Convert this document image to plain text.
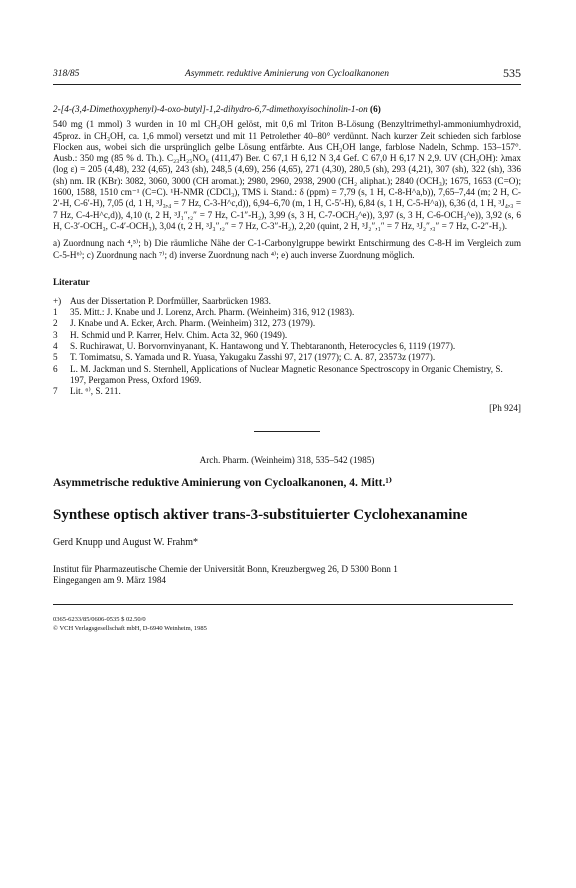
318/85	Asymmetr. reduktive Aminierung von Cycloalkanonen	535

2-[4-(3,4-Dimethoxyphenyl)-4-oxo-butyl]-1,2-dihydro-6,7-dimethoxyisochinolin-1-on (6)

540 mg (1 mmol) 3 wurden in 10 ml CH₃OH gelöst, mit 0,6 ml Triton B-Lösung (Benzyltrimethyl-ammoniumhydroxid, 45proz. in CH₃OH, ca. 1,6 mmol) versetzt und mit 11 Petrolether 40–80° verdünnt. Nach kurzer Zeit schieden sich farblose Flocken aus, wobei sich die ursprünglich gelbe Lösung entfärbte. Aus CH₃OH lange, farblose Nadeln, Schmp. 153–157°. Ausb.: 350 mg (85 % d. Th.). C₂₃H₂₅NO₆ (411,47) Ber. C 67,1 H 6,12 N 3,4 Gef. C 67,0 H 6,17 N 2,9. UV (CH₃OH): λmax (log ε) = 205 (4,48), 232 (4,65), 243 (sh), 248,5 (4,69), 256 (4,65), 271 (4,30), 280,5 (sh), 293 (4,21), 307 (sh), 322 (sh), 336 (sh) nm. IR (KBr): 3082, 3060, 3000 (CH aromat.); 2980, 2960, 2938, 2900 (CH₂ aliphat.); 2840 (OCH₃); 1675, 1653 (C=O); 1600, 1588, 1510 cm⁻¹ (C=C). ¹H-NMR (CDCl₃), TMS i. Stand.: δ (ppm) = 7,79 (s, 1 H, C-8-H^a,b)), 7,65–7,44 (m; 2 H, C-2′-H, C-6′-H), 7,05 (d, 1 H, ³J₃,₄ = 7 Hz, C-3-H^c,d)), 6,94–6,70 (m, 1 H, C-5′-H), 6,84 (s, 1 H, C-5-H^a)), 6,36 (d, 1 H, ³J₄,₃ = 7 Hz, C-4-H^c,d)), 4,10 (t, 2 H, ³J₁″,₂″ = 7 Hz, C-1″-H₂), 3,99 (s, 3 H, C-7-OCH₃^e)), 3,97 (s, 3 H, C-6-OCH₃^e)), 3,92 (s, 6 H, C-3′-OCH₃, C-4′-OCH₃), 3,04 (t, 2 H, ³J₃″,₂″ = 7 Hz, C-3″-H₂), 2,20 (quint, 2 H, ³J₂″,₁″ = 7 Hz, ³J₂″,₃″ = 7 Hz, C-2″-H₂).

a) Zuordnung nach ⁴,⁵⁾; b) Die räumliche Nähe der C-1-Carbonylgruppe bewirkt Entschirmung des C-8-H im Vergleich zum C-5-H⁶⁾; c) Zuordnung nach ⁷⁾; d) inverse Zuordnung nach ⁴⁾; e) auch inverse Zuordnung möglich.

Literatur
+) Aus der Dissertation P. Dorfmüller, Saarbrücken 1983.
1	35. Mitt.: J. Knabe und J. Lorenz, Arch. Pharm. (Weinheim) 316, 912 (1983).
2	J. Knabe und A. Ecker, Arch. Pharm. (Weinheim) 312, 273 (1979).
3	H. Schmid und P. Karrer, Helv. Chim. Acta 32, 960 (1949).
4	S. Ruchirawat, U. Borvornvinyanant, K. Hantawong und Y. Thebtaranonth, Heterocycles 6, 1119 (1977).
5	T. Tomimatsu, S. Yamada und R. Yuasa, Yakugaku Zasshi 97, 217 (1977); C. A. 87, 23573z (1977).
6	L. M. Jackman und S. Sternhell, Applications of Nuclear Magnetic Resonance Spectroscopy in Organic Chemistry, S. 197, Pergamon Press, Oxford 1969.
7	Lit. ⁶⁾, S. 211.
[Ph 924]
Arch. Pharm. (Weinheim) 318, 535–542 (1985)
Asymmetrische reduktive Aminierung von Cycloalkanonen, 4. Mitt.¹⁾
Synthese optisch aktiver trans-3-substituierter Cyclohexanamine
Gerd Knupp und August W. Frahm*
Institut für Pharmazeutische Chemie der Universität Bonn, Kreuzbergweg 26, D 5300 Bonn 1
Eingegangen am 9. März 1984
0365-6233/85/0606-0535 $ 02.50/0
© VCH Verlagsgesellschaft mbH, D-6940 Weinheim, 1985
